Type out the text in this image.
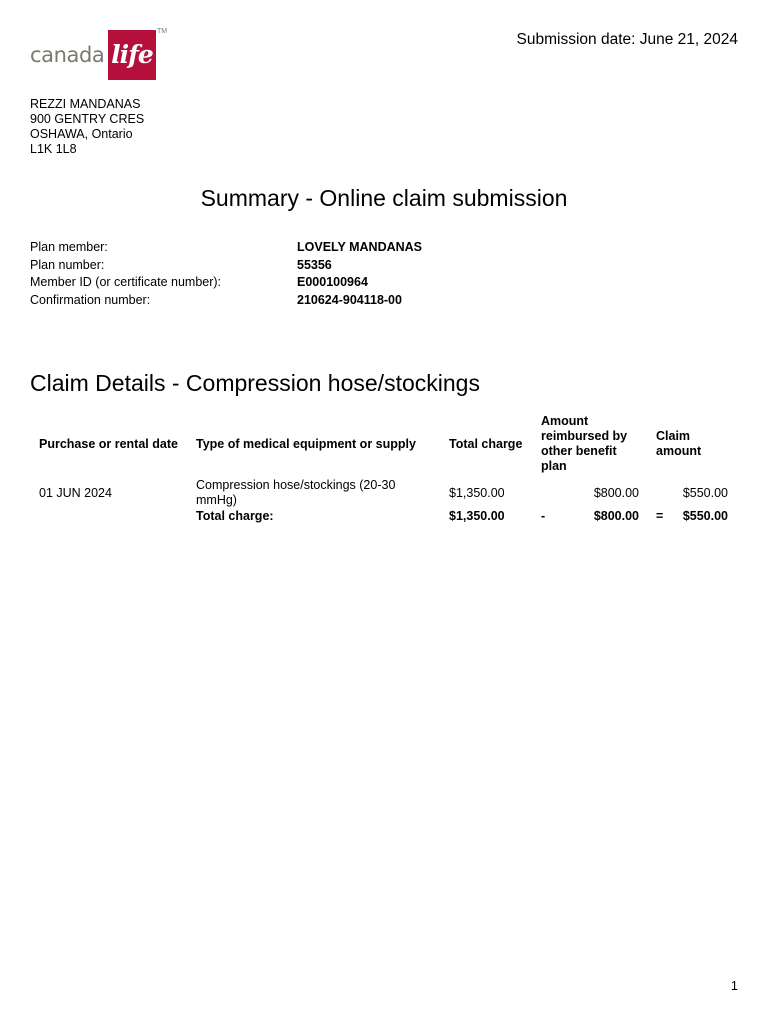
canada life
TM	Submission date: June 21, 2024
REZZI MANDANAS
900 GENTRY CRES
OSHAWA, Ontario
L1K 1L8
Summary - Online claim submission
Plan member:	LOVELY MANDANAS
Plan number:	55356
Member ID (or certificate number):	E000100964
Confirmation number:	210624-904118-00
Claim Details - Compression hose/stockings
Purchase or rental date	Type of medical equipment or supply	Total charge	Amount reimbursed by other benefit plan	Claim amount
01 JUN 2024	Compression hose/stockings (20-30 mmHg)	$1,350.00	$800.00	$550.00
	Total charge:	$1,350.00	- $800.00	= $550.00
1
